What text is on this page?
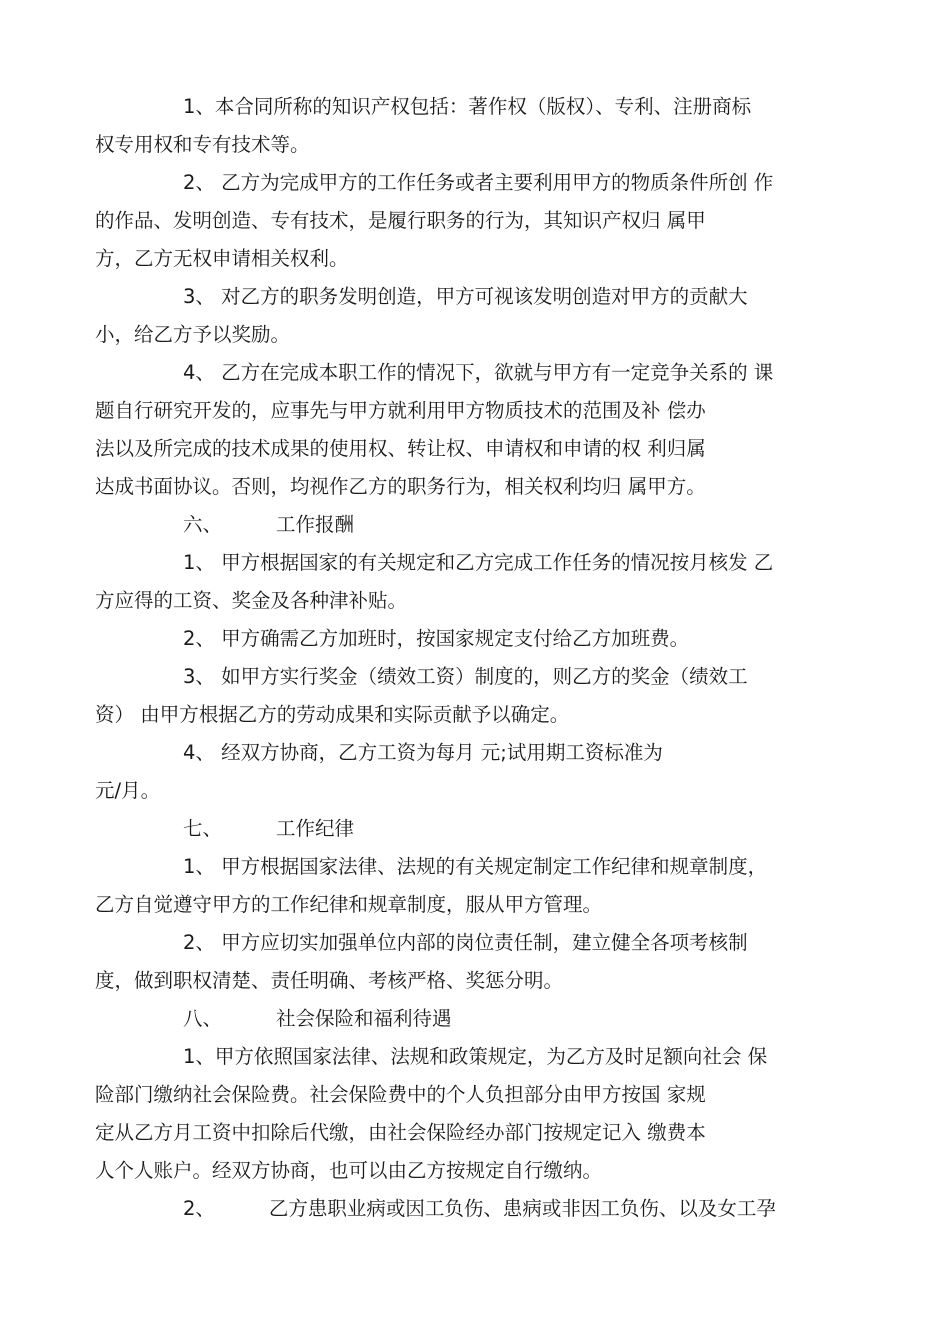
1、本合同所称的知识产权包括：著作权（版权）、专利、注册商标
权专用权和专有技术等。

2、 乙方为完成甲方的工作任务或者主要利用甲方的物质条件所创 作
的作品、发明创造、专有技术，是履行职务的行为，其知识产权归 属甲
方，乙方无权申请相关权利。

3、 对乙方的职务发明创造，甲方可视该发明创造对甲方的贡献大
小，给乙方予以奖励。

4、 乙方在完成本职工作的情况下，欲就与甲方有一定竞争关系的 课
题自行研究开发的，应事先与甲方就利用甲方物质技术的范围及补 偿办
法以及所完成的技术成果的使用权、转让权、申请权和申请的权 利归属
达成书面协议。否则，均视作乙方的职务行为，相关权利均归 属甲方。

六、	工作报酬

1、 甲方根据国家的有关规定和乙方完成工作任务的情况按月核发 乙
方应得的工资、奖金及各种津补贴。

2、 甲方确需乙方加班时，按国家规定支付给乙方加班费。

3、 如甲方实行奖金（绩效工资）制度的，则乙方的奖金（绩效工
资） 由甲方根据乙方的劳动成果和实际贡献予以确定。

4、 经双方协商，乙方工资为每月 元;试用期工资标准为
元/月。

七、	工作纪律

1、 甲方根据国家法律、法规的有关规定制定工作纪律和规章制度，
乙方自觉遵守甲方的工作纪律和规章制度，服从甲方管理。

2、 甲方应切实加强单位内部的岗位责任制，建立健全各项考核制
度，做到职权清楚、责任明确、考核严格、奖惩分明。

八、	社会保险和福利待遇

1、甲方依照国家法律、法规和政策规定，为乙方及时足额向社会 保
险部门缴纳社会保险费。社会保险费中的个人负担部分由甲方按国 家规
定从乙方月工资中扣除后代缴，由社会保险经办部门按规定记入 缴费本
人个人账户。经双方协商，也可以由乙方按规定自行缴纳。

2、	乙方患职业病或因工负伤、患病或非因工负伤、以及女工孕
